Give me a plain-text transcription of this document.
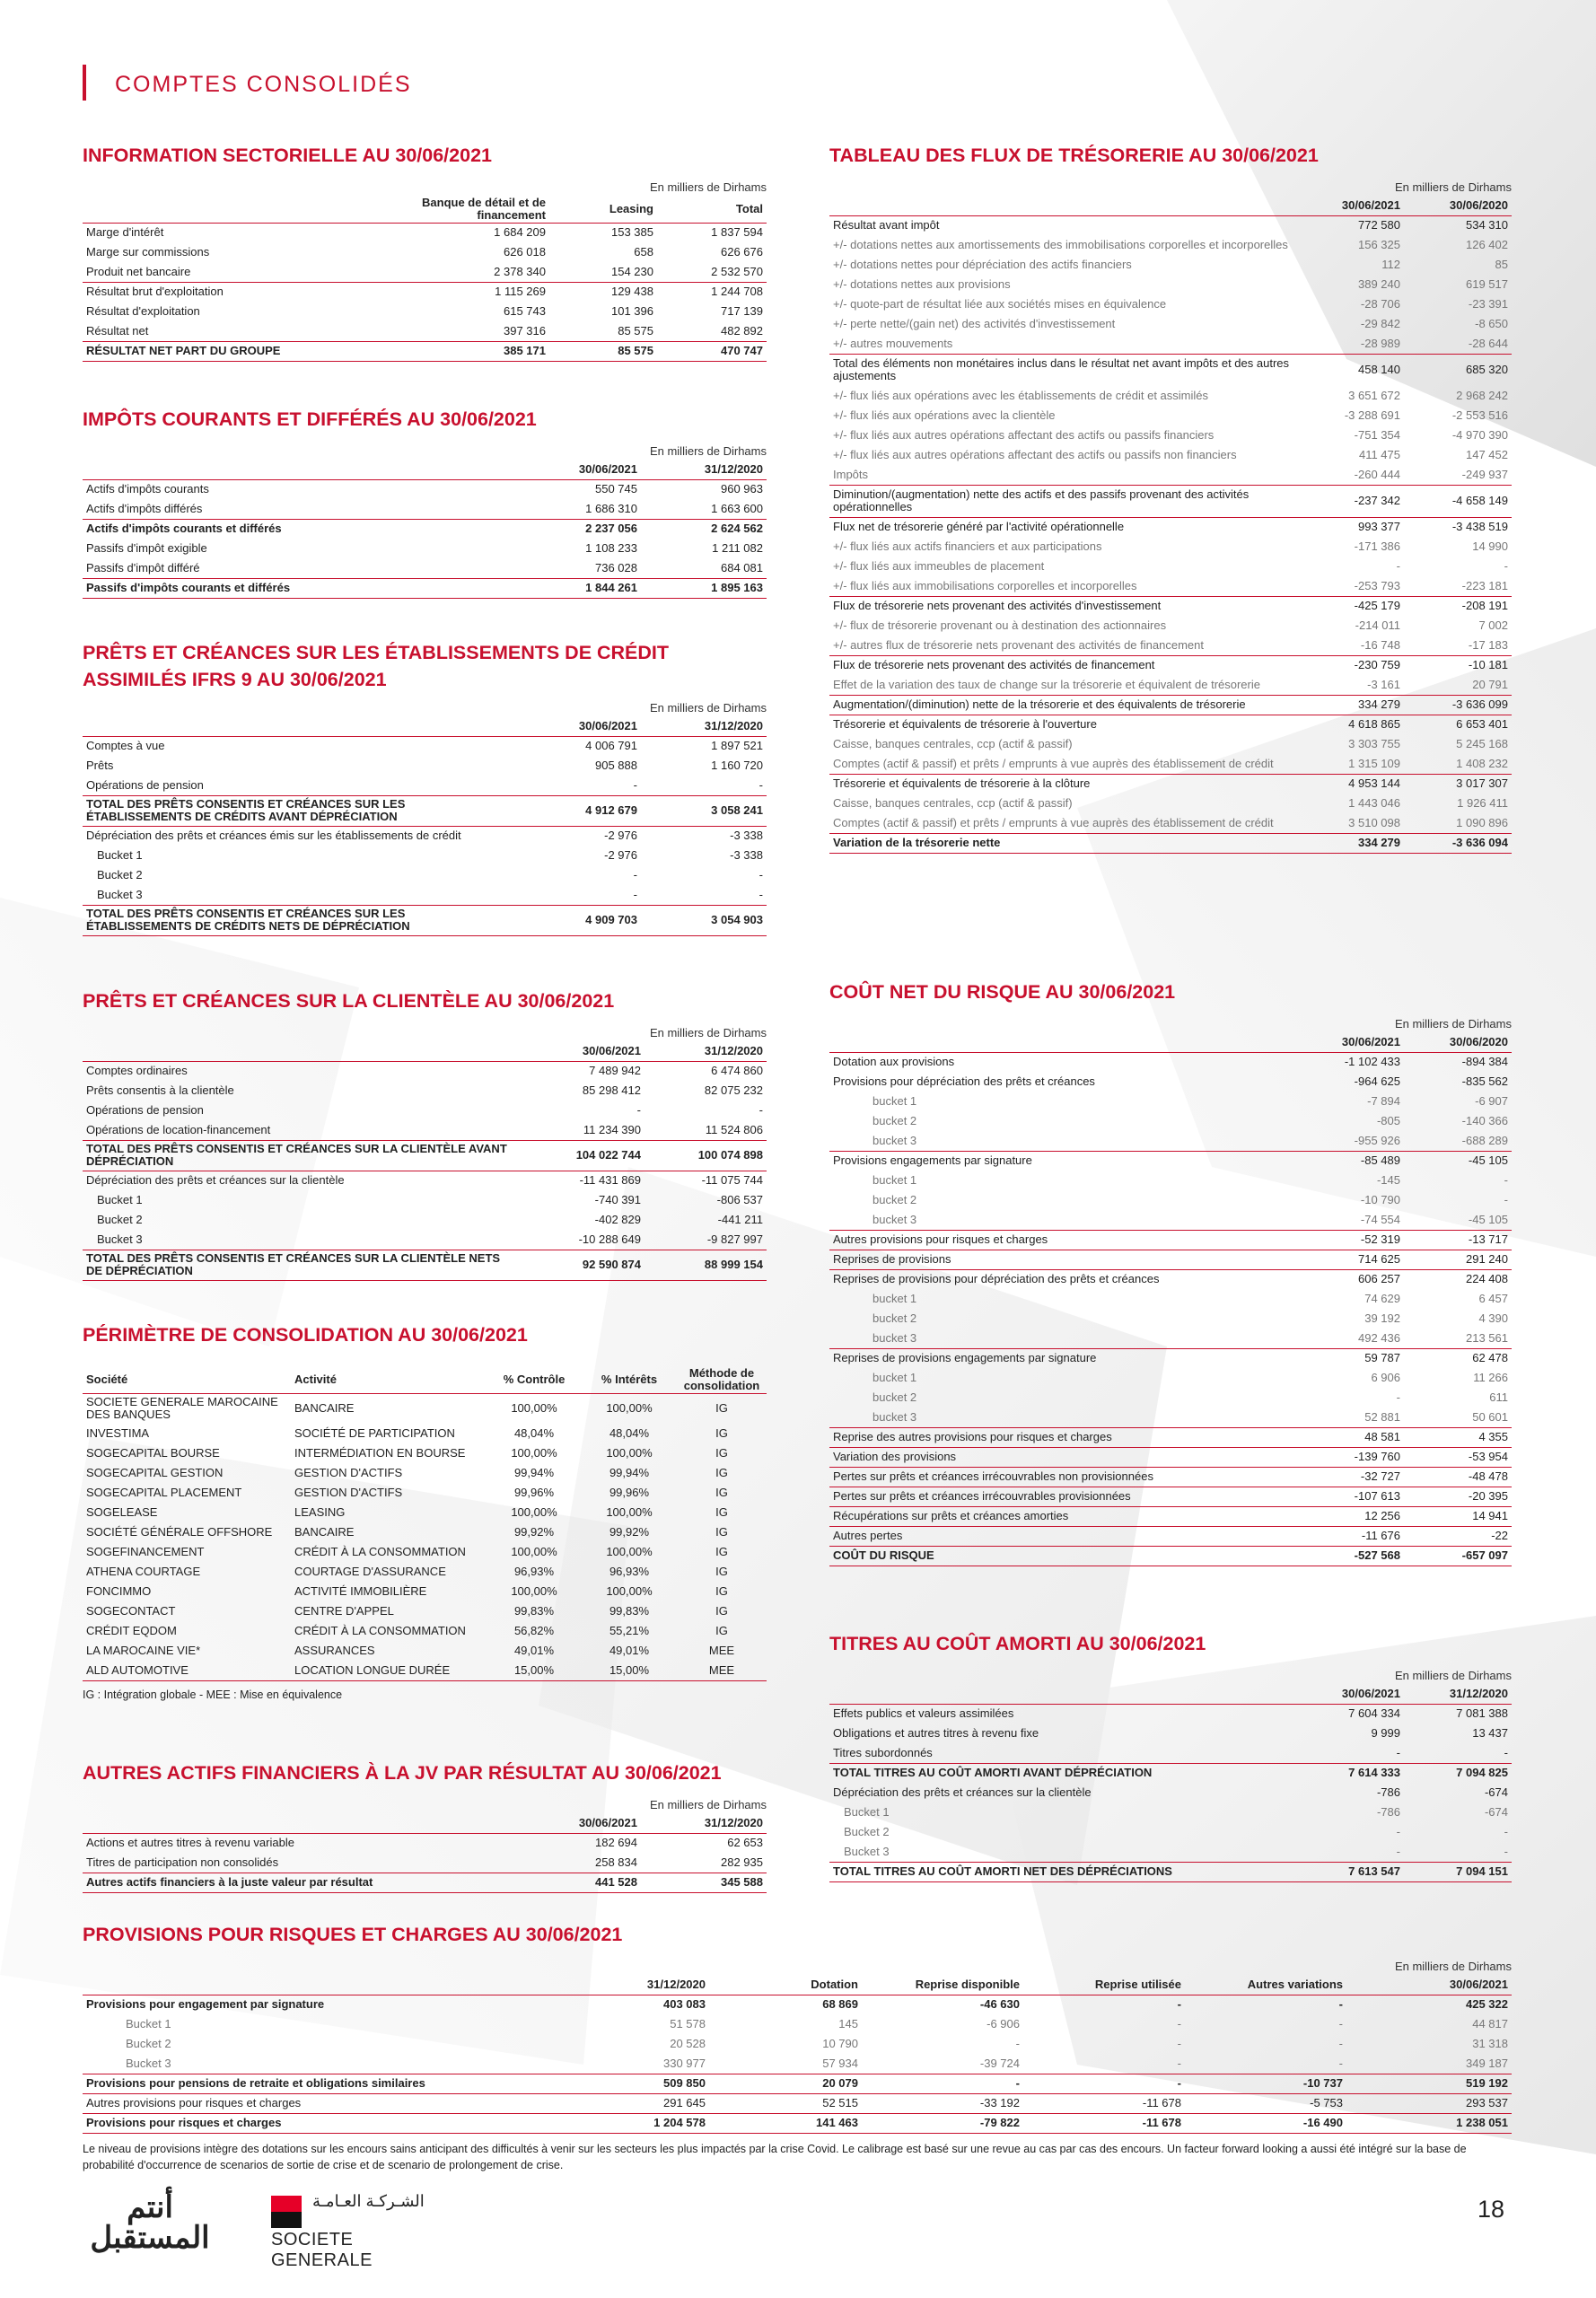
COMPTES CONSOLIDÉS
INFORMATION SECTORIELLE AU 30/06/2021
En milliers de Dirhams
	Banque de détail et de financement	Leasing	Total
Marge d'intérêt	1 684 209	153 385	1 837 594
Marge sur commissions	626 018	658	626 676
Produit net bancaire	2 378 340	154 230	2 532 570
Résultat brut d'exploitation	1 115 269	129 438	1 244 708
Résultat d'exploitation	615 743	101 396	717 139
Résultat net	397 316	85 575	482 892
RÉSULTAT NET PART DU GROUPE	385 171	85 575	470 747
IMPÔTS COURANTS ET DIFFÉRÉS AU 30/06/2021
En milliers de Dirhams
	30/06/2021	31/12/2020
Actifs d'impôts courants	550 745	960 963
Actifs d'impôts différés	1 686 310	1 663 600
Actifs d'impôts courants et différés	2 237 056	2 624 562
Passifs d'impôt exigible	1 108 233	1 211 082
Passifs d'impôt différé	736 028	684 081
Passifs d'impôts courants et différés	1 844 261	1 895 163
PRÊTS ET CRÉANCES SUR LES ÉTABLISSEMENTS DE CRÉDIT ASSIMILÉS IFRS 9 AU 30/06/2021
En milliers de Dirhams
	30/06/2021	31/12/2020
Comptes à vue	4 006 791	1 897 521
Prêts	905 888	1 160 720
Opérations de pension	-	-
TOTAL DES PRÊTS CONSENTIS ET CRÉANCES SUR LES ÉTABLISSEMENTS DE CRÉDITS AVANT DÉPRÉCIATION	4 912 679	3 058 241
Dépréciation des prêts et créances émis sur les établissements de crédit	-2 976	-3 338
Bucket 1	-2 976	-3 338
Bucket 2	-	-
Bucket 3	-	-
TOTAL DES PRÊTS CONSENTIS ET CRÉANCES SUR LES ÉTABLISSEMENTS DE CRÉDITS NETS DE DÉPRÉCIATION	4 909 703	3 054 903
PRÊTS ET CRÉANCES SUR LA CLIENTÈLE AU 30/06/2021
En milliers de Dirhams
	30/06/2021	31/12/2020
Comptes ordinaires	7 489 942	6 474 860
Prêts consentis à la clientèle	85 298 412	82 075 232
Opérations de pension	-	-
Opérations de location-financement	11 234 390	11 524 806
TOTAL DES PRÊTS CONSENTIS ET CRÉANCES SUR LA CLIENTÈLE AVANT DÉPRÉCIATION	104 022 744	100 074 898
Dépréciation des prêts et créances sur la clientèle	-11 431 869	-11 075 744
Bucket 1	-740 391	-806 537
Bucket 2	-402 829	-441 211
Bucket 3	-10 288 649	-9 827 997
TOTAL DES PRÊTS CONSENTIS ET CRÉANCES SUR LA CLIENTÈLE NETS DE DÉPRÉCIATION	92 590 874	88 999 154
PÉRIMÈTRE DE CONSOLIDATION AU 30/06/2021
Société	Activité	% Contrôle	% Intérêts	Méthode de consolidation
SOCIETE GENERALE MAROCAINE DES BANQUES	BANCAIRE	100,00%	100,00%	IG
INVESTIMA	SOCIÉTÉ DE PARTICIPATION	48,04%	48,04%	IG
SOGECAPITAL BOURSE	INTERMÉDIATION EN BOURSE	100,00%	100,00%	IG
SOGECAPITAL GESTION	GESTION D'ACTIFS	99,94%	99,94%	IG
SOGECAPITAL PLACEMENT	GESTION D'ACTIFS	99,96%	99,96%	IG
SOGELEASE	LEASING	100,00%	100,00%	IG
SOCIÉTÉ GÉNÉRALE OFFSHORE	BANCAIRE	99,92%	99,92%	IG
SOGEFINANCEMENT	CRÉDIT À LA CONSOMMATION	100,00%	100,00%	IG
ATHENA COURTAGE	COURTAGE D'ASSURANCE	96,93%	96,93%	IG
FONCIMMO	ACTIVITÉ IMMOBILIÈRE	100,00%	100,00%	IG
SOGECONTACT	CENTRE D'APPEL	99,83%	99,83%	IG
CRÉDIT EQDOM	CRÉDIT À LA CONSOMMATION	56,82%	55,21%	IG
LA MAROCAINE VIE*	ASSURANCES	49,01%	49,01%	MEE
ALD AUTOMOTIVE	LOCATION LONGUE DURÉE	15,00%	15,00%	MEE
IG : Intégration globale - MEE : Mise en équivalence
AUTRES ACTIFS FINANCIERS À LA JV PAR RÉSULTAT AU 30/06/2021
En milliers de Dirhams
	30/06/2021	31/12/2020
Actions et autres titres à revenu variable	182 694	62 653
Titres de participation non consolidés	258 834	282 935
Autres actifs financiers à la juste valeur par résultat	441 528	345 588
TABLEAU DES FLUX DE TRÉSORERIE AU 30/06/2021
En milliers de Dirhams
	30/06/2021	30/06/2020
Résultat avant impôt	772 580	534 310
+/- dotations nettes aux amortissements des immobilisations corporelles et incorporelles	156 325	126 402
+/- dotations nettes pour dépréciation des actifs financiers	112	85
+/- dotations nettes aux provisions	389 240	619 517
+/- quote-part de résultat liée aux sociétés mises en équivalence	-28 706	-23 391
+/- perte nette/(gain net) des activités d'investissement	-29 842	-8 650
+/- autres mouvements	-28 989	-28 644
Total des éléments non monétaires inclus dans le résultat net avant impôts et des autres ajustements	458 140	685 320
+/- flux liés aux opérations avec les établissements de crédit et assimilés	3 651 672	2 968 242
+/- flux liés aux opérations avec la clientèle	-3 288 691	-2 553 516
+/- flux liés aux autres opérations affectant des actifs ou passifs financiers	-751 354	-4 970 390
+/- flux liés aux autres opérations affectant des actifs ou passifs non financiers	411 475	147 452
Impôts	-260 444	-249 937
Diminution/(augmentation) nette des actifs et des passifs provenant des activités opérationnelles	-237 342	-4 658 149
Flux net de trésorerie généré par l'activité opérationnelle	993 377	-3 438 519
+/- flux liés aux actifs financiers et aux participations	-171 386	14 990
+/- flux liés aux immeubles de placement	-	-
+/- flux liés aux immobilisations corporelles et incorporelles	-253 793	-223 181
Flux de trésorerie nets provenant des activités d'investissement	-425 179	-208 191
+/- flux de trésorerie provenant ou à destination des actionnaires	-214 011	7 002
+/- autres flux de trésorerie nets provenant des activités de financement	-16 748	-17 183
Flux de trésorerie nets provenant des activités de financement	-230 759	-10 181
Effet de la variation des taux de change sur la trésorerie et équivalent de trésorerie	-3 161	20 791
Augmentation/(diminution) nette de la trésorerie et des équivalents de trésorerie	334 279	-3 636 099
Trésorerie et équivalents de trésorerie à l'ouverture	4 618 865	6 653 401
Caisse, banques centrales, ccp (actif & passif)	3 303 755	5 245 168
Comptes (actif & passif) et prêts / emprunts à vue auprès des établissement de crédit	1 315 109	1 408 232
Trésorerie et équivalents de trésorerie à la clôture	4 953 144	3 017 307
Caisse, banques centrales, ccp (actif & passif)	1 443 046	1 926 411
Comptes (actif & passif) et prêts / emprunts à vue auprès des établissement de crédit	3 510 098	1 090 896
Variation de la trésorerie nette	334 279	-3 636 094
COÛT NET DU RISQUE AU 30/06/2021
En milliers de Dirhams
	30/06/2021	30/06/2020
Dotation aux provisions	-1 102 433	-894 384
Provisions pour dépréciation des prêts et créances	-964 625	-835 562
bucket 1	-7 894	-6 907
bucket 2	-805	-140 366
bucket 3	-955 926	-688 289
Provisions engagements par signature	-85 489	-45 105
bucket 1	-145	-
bucket 2	-10 790	-
bucket 3	-74 554	-45 105
Autres provisions pour risques et charges	-52 319	-13 717
Reprises de provisions	714 625	291 240
Reprises de provisions pour dépréciation des prêts et créances	606 257	224 408
bucket 1	74 629	6 457
bucket 2	39 192	4 390
bucket 3	492 436	213 561
Reprises de provisions engagements par signature	59 787	62 478
bucket 1	6 906	11 266
bucket 2	-	611
bucket 3	52 881	50 601
Reprise des autres provisions pour risques et charges	48 581	4 355
Variation des provisions	-139 760	-53 954
Pertes sur prêts et créances irrécouvrables non provisionnées	-32 727	-48 478
Pertes sur prêts et créances irrécouvrables provisionnées	-107 613	-20 395
Récupérations sur prêts et créances amorties	12 256	14 941
Autres pertes	-11 676	-22
COÛT DU RISQUE	-527 568	-657 097
TITRES AU COÛT AMORTI AU 30/06/2021
En milliers de Dirhams
	30/06/2021	31/12/2020
Effets publics et valeurs assimilées	7 604 334	7 081 388
Obligations et autres titres à revenu fixe	9 999	13 437
Titres subordonnés	-	-
TOTAL TITRES AU COÛT AMORTI AVANT DÉPRÉCIATION	7 614 333	7 094 825
Dépréciation des prêts et créances sur la clientèle	-786	-674
Bucket 1	-786	-674
Bucket 2	-	-
Bucket 3	-	-
TOTAL TITRES AU COÛT AMORTI NET DES DÉPRÉCIATIONS	7 613 547	7 094 151
PROVISIONS POUR RISQUES ET CHARGES AU 30/06/2021
En milliers de Dirhams
	31/12/2020	Dotation	Reprise disponible	Reprise utilisée	Autres variations	30/06/2021
Provisions pour engagement par signature	403 083	68 869	-46 630	-	-	425 322
Bucket 1	51 578	145	-6 906	-	-	44 817
Bucket 2	20 528	10 790	-	-	-	31 318
Bucket 3	330 977	57 934	-39 724	-	-	349 187
Provisions pour pensions de retraite et obligations similaires	509 850	20 079	-	-	-10 737	519 192
Autres provisions pour risques et charges	291 645	52 515	-33 192	-11 678	-5 753	293 537
Provisions pour risques et charges	1 204 578	141 463	-79 822	-11 678	-16 490	1 238 051
Le niveau de provisions intègre des dotations sur les encours sains anticipant des difficultés à venir sur les secteurs les plus impactés par la crise Covid. Le calibrage est basé sur une revue au cas par cas des encours. Un facteur forward looking a aussi été intégré sur la base de probabilité d'occurrence de scenarios de sortie de crise et de scenario de prolongement de crise.
أنتم المستقبل
الشـركـة العـامـة
SOCIETE GENERALE
18
